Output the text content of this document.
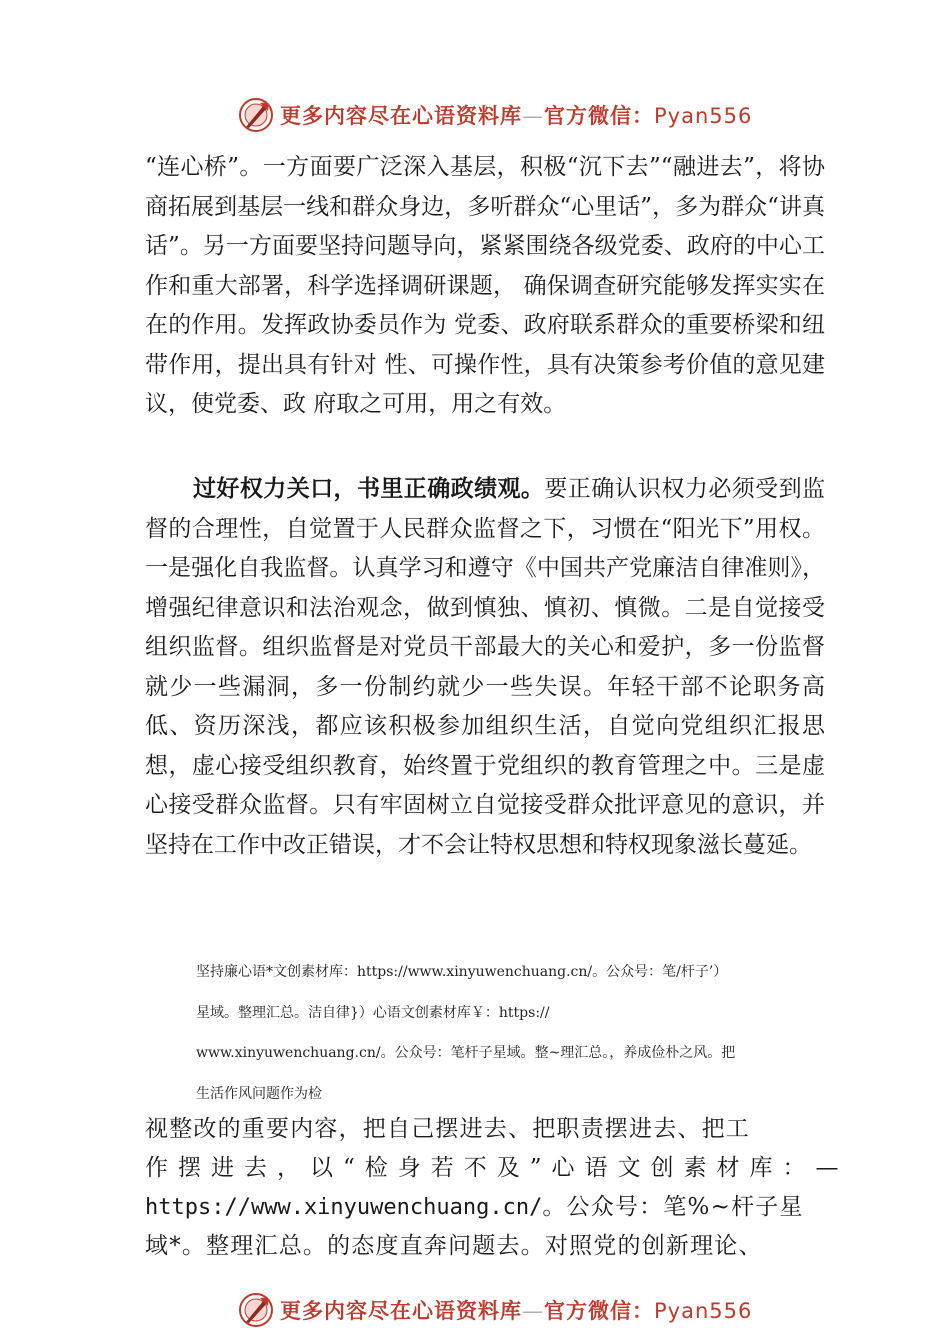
更多内容尽在心语资料库—官方微信：Pyan556

“连心桥”。一方面要广泛深入基层，积极“沉下去”“融进去”，将协商拓展到基层一线和群众身边，多听群众“心里话”，多为群众“讲真话”。另一方面要坚持问题导向，紧紧围绕各级党委、政府的中心工作和重大部署，科学选择调研课题， 确保调查研究能够发挥实实在在的作用。发挥政协委员作为 党委、政府联系群众的重要桥梁和纽带作用，提出具有针对 性、可操作性，具有决策参考价值的意见建议，使党委、政 府取之可用，用之有效。

过好权力关口，书里正确政绩观。要正确认识权力必须受到监督的合理性，自觉置于人民群众监督之下，习惯在“阳光下”用权。一是强化自我监督。认真学习和遵守《中国共产党廉洁自律准则》，增强纪律意识和法治观念，做到慎独、慎初、慎微。二是自觉接受组织监督。组织监督是对党员干部最大的关心和爱护，多一份监督就少一些漏洞，多一份制约就少一些失误。年轻干部不论职务高低、资历深浅，都应该积极参加组织生活，自觉向党组织汇报思想，虚心接受组织教育，始终置于党组织的教育管理之中。三是虚心接受群众监督。只有牢固树立自觉接受群众批评意见的意识，并坚持在工作中改正错误，才不会让特权思想和特权现象滋长蔓延。

坚持廉心语*文创素材库：https://www.xinyuwenchuang.cn/。公众号：笔/杆子’）
星域。整理汇总。洁自律}）心语文创素材库￥：https://
www.xinyuwenchuang.cn/。公众号：笔杆子星域。整~理汇总。，养成俭朴之风。把
生活作风问题作为检
视整改的重要内容，把自己摆进去、把职责摆进去、把工
作摆进去，以“检身若不及”心语文创素材库：—
https://www.xinyuwenchuang.cn/。公众号：笔%~杆子星
域*。整理汇总。的态度直奔问题去。对照党的创新理论、
更多内容尽在心语资料库—官方微信：Pyan556
